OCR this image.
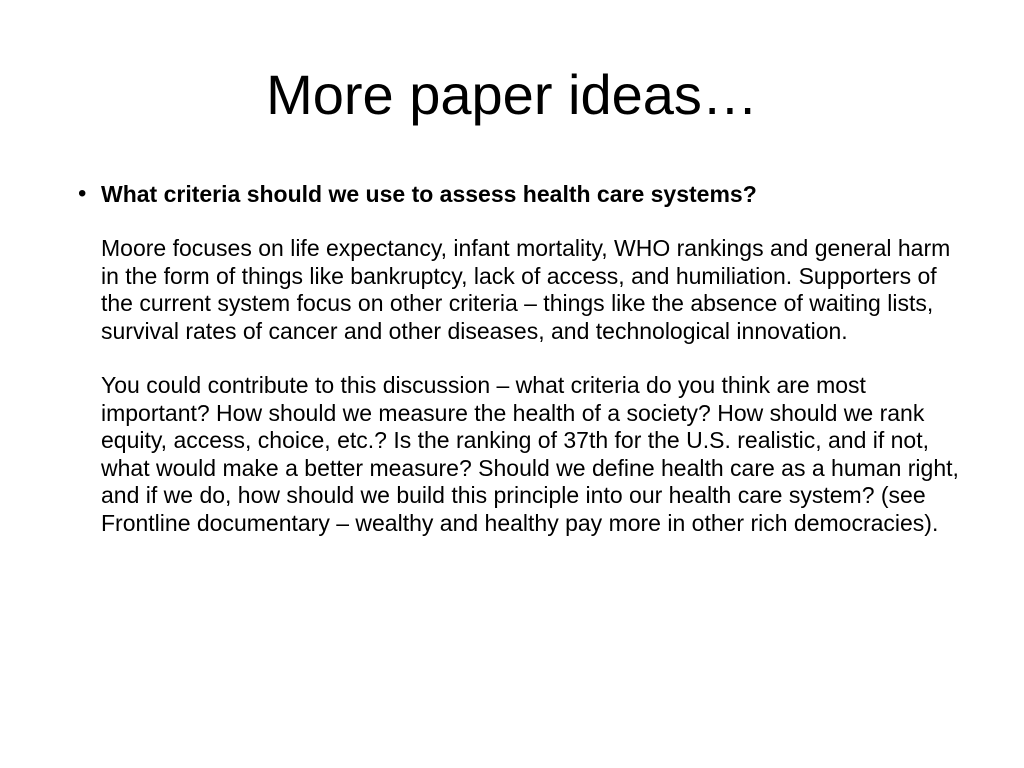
More paper ideas…
• What criteria should we use to assess health care systems?

Moore focuses on life expectancy, infant mortality, WHO rankings and general harm in the form of things like bankruptcy, lack of access, and humiliation. Supporters of the current system focus on other criteria – things like the absence of waiting lists, survival rates of cancer and other diseases, and technological innovation.

You could contribute to this discussion – what criteria do you think are most important? How should we measure the health of a society? How should we rank equity, access, choice, etc.? Is the ranking of 37th for the U.S. realistic, and if not, what would make a better measure? Should we define health care as a human right, and if we do, how should we build this principle into our health care system? (see Frontline documentary – wealthy and healthy pay more in other rich democracies).
